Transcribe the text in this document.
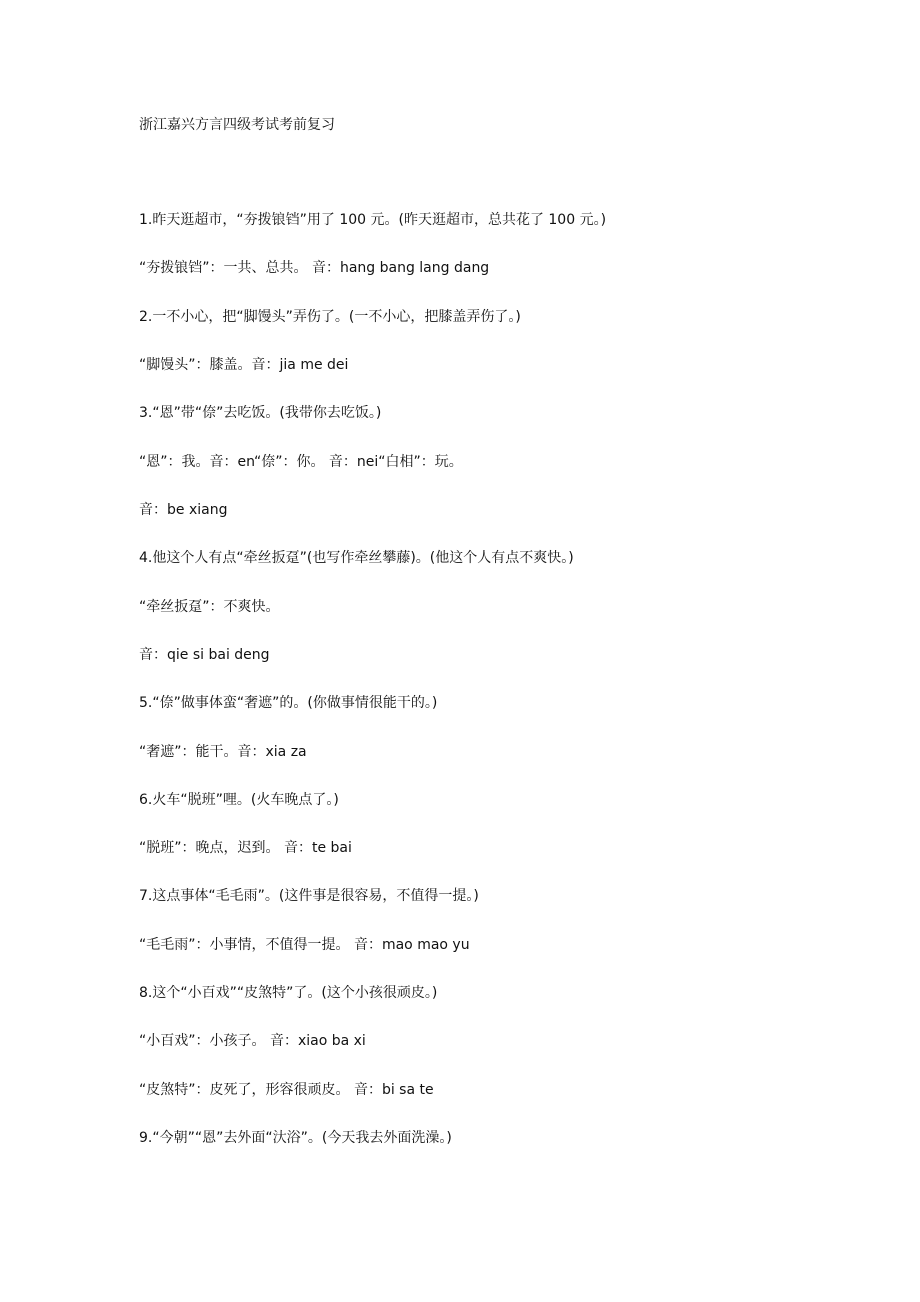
浙江嘉兴方言四级考试考前复习
1.昨天逛超市，“夯拨锒铛”用了 100 元。(昨天逛超市，总共花了 100 元。)
“夯拨锒铛”：一共、总共。 音：hang bang lang dang
2.一不小心，把“脚馒头”弄伤了。(一不小心，把膝盖弄伤了。)
“脚馒头”：膝盖。音：jia me dei
3.“恩”带“倷”去吃饭。(我带你去吃饭。)
“恩”：我。音：en“倷”：你。 音：nei“白相”：玩。
音：be xiang
4.他这个人有点“牵丝扳趸”(也写作牵丝攀藤)。(他这个人有点不爽快。)
“牵丝扳趸”：不爽快。
音：qie si bai deng
5.“倷”做事体蛮“奢遮”的。(你做事情很能干的。)
“奢遮”：能干。音：xia za
6.火车“脱班”哩。(火车晚点了。)
“脱班”：晚点，迟到。 音：te bai
7.这点事体“毛毛雨”。(这件事是很容易，不值得一提。)
“毛毛雨”：小事情，不值得一提。 音：mao mao yu
8.这个“小百戏”“皮煞特”了。(这个小孩很顽皮。)
“小百戏”：小孩子。 音：xiao ba xi
“皮煞特”：皮死了，形容很顽皮。 音：bi sa te
9.“今朝”“恩”去外面“汏浴”。(今天我去外面洗澡。)
